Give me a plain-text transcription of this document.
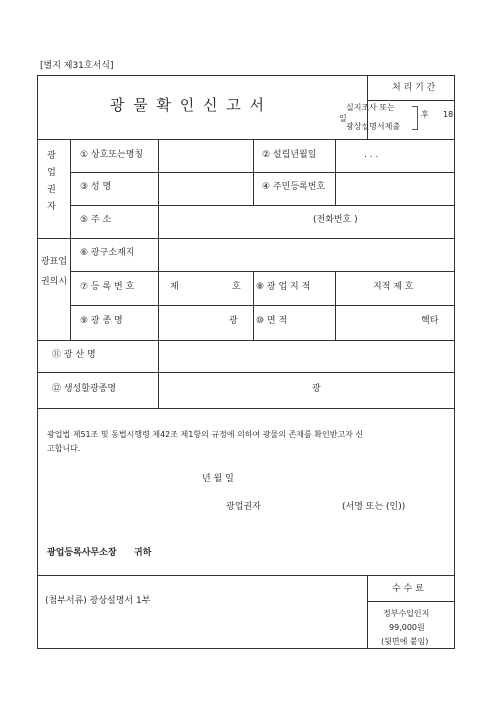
[별지 제31호서식]
광 물 확 인 신 고 서
처 리 기 간
실지조사 또는
일
광상설명서제출
후 18
광업권자
광표업권의시
① 상호또는명칭	② 설립년월일	. . .
③ 성 명	④ 주민등록번호
⑤ 주 소	(전화번호 )
⑥ 광구소재지
⑦ 등 록 번 호	제	호 ⑧ 광 업 지 적	지적 제 호
⑨ 광 종 명	광 ⑩ 면 적	헥타
⑪ 광 산 명
⑫ 생성할광종명	광
광업법 제51조 및 동법시행령 제42조 제1항의 규정에 의하여 광물의 존재를 확인받고자 신
고합니다.
년 월 일
광업권자	(서명 또는 (인))
광업등록사무소장 귀하
(첨부서류) 광상설명서 1부
수 수 료
정부수입인지
99,000원
(뒷면에 붙임)
